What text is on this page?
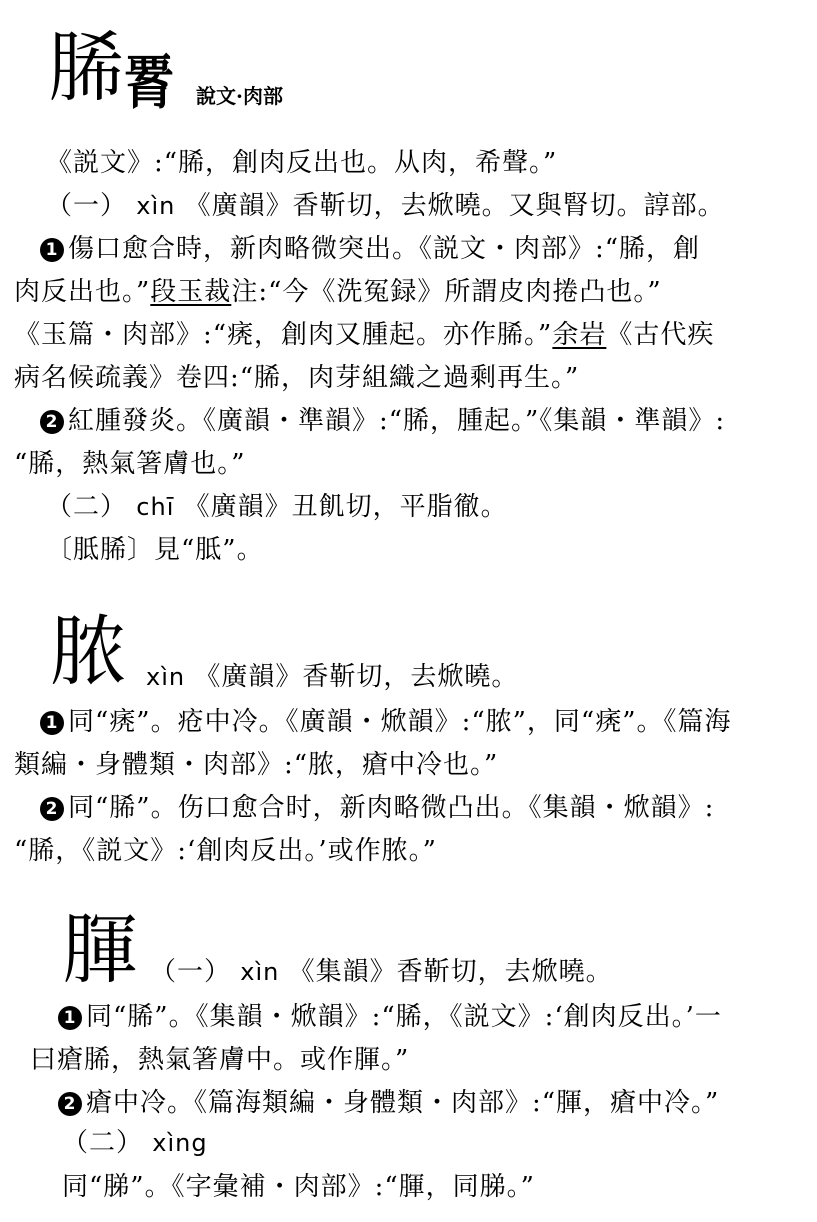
脪 𦝫 說文·肉部
《説文》:“脪，創肉反出也。从肉，希聲。”
（一） xìn 《廣韻》香靳切，去焮曉。又與腎切。諄部。
1 傷口愈合時，新肉略微突出。《説文・肉部》:“脪，創
肉反出也。”段玉裁注:“今《洗冤録》所謂皮肉捲凸也。”
《玉篇・肉部》:“痜，創肉又腫起。亦作脪。”余岩《古代疾
病名候疏義》卷四:“脪，肉芽組織之過剩再生。”
2 紅腫發炎。《廣韻・準韻》:“脪，腫起。”《集韻・準韻》:
“脪，熱氣箸膚也。”
（二） chī 《廣韻》丑飢切，平脂徹。
〔胝脪〕見“胝”。
脓 xìn 《廣韻》香靳切，去焮曉。
1 同“痜”。疮中冷。《廣韻・焮韻》:“脓”，同“痜”。《篇海
類編・身體類・肉部》:“脓，瘡中冷也。”
2 同“脪”。伤口愈合时，新肉略微凸出。《集韻・焮韻》:
“脪，《説文》:‘創肉反出。’或作脓。”
腪 （一） xìn 《集韻》香靳切，去焮曉。
1 同“脪”。《集韻・焮韻》:“脪，《説文》:‘創肉反出。’一
曰瘡脪，熱氣箸膚中。或作腪。”
2 瘡中冷。《篇海類編・身體類・肉部》:“腪，瘡中冷。”
（二） xìng
同“䏲”。《字彙補・肉部》:“腪，同䏲。”
